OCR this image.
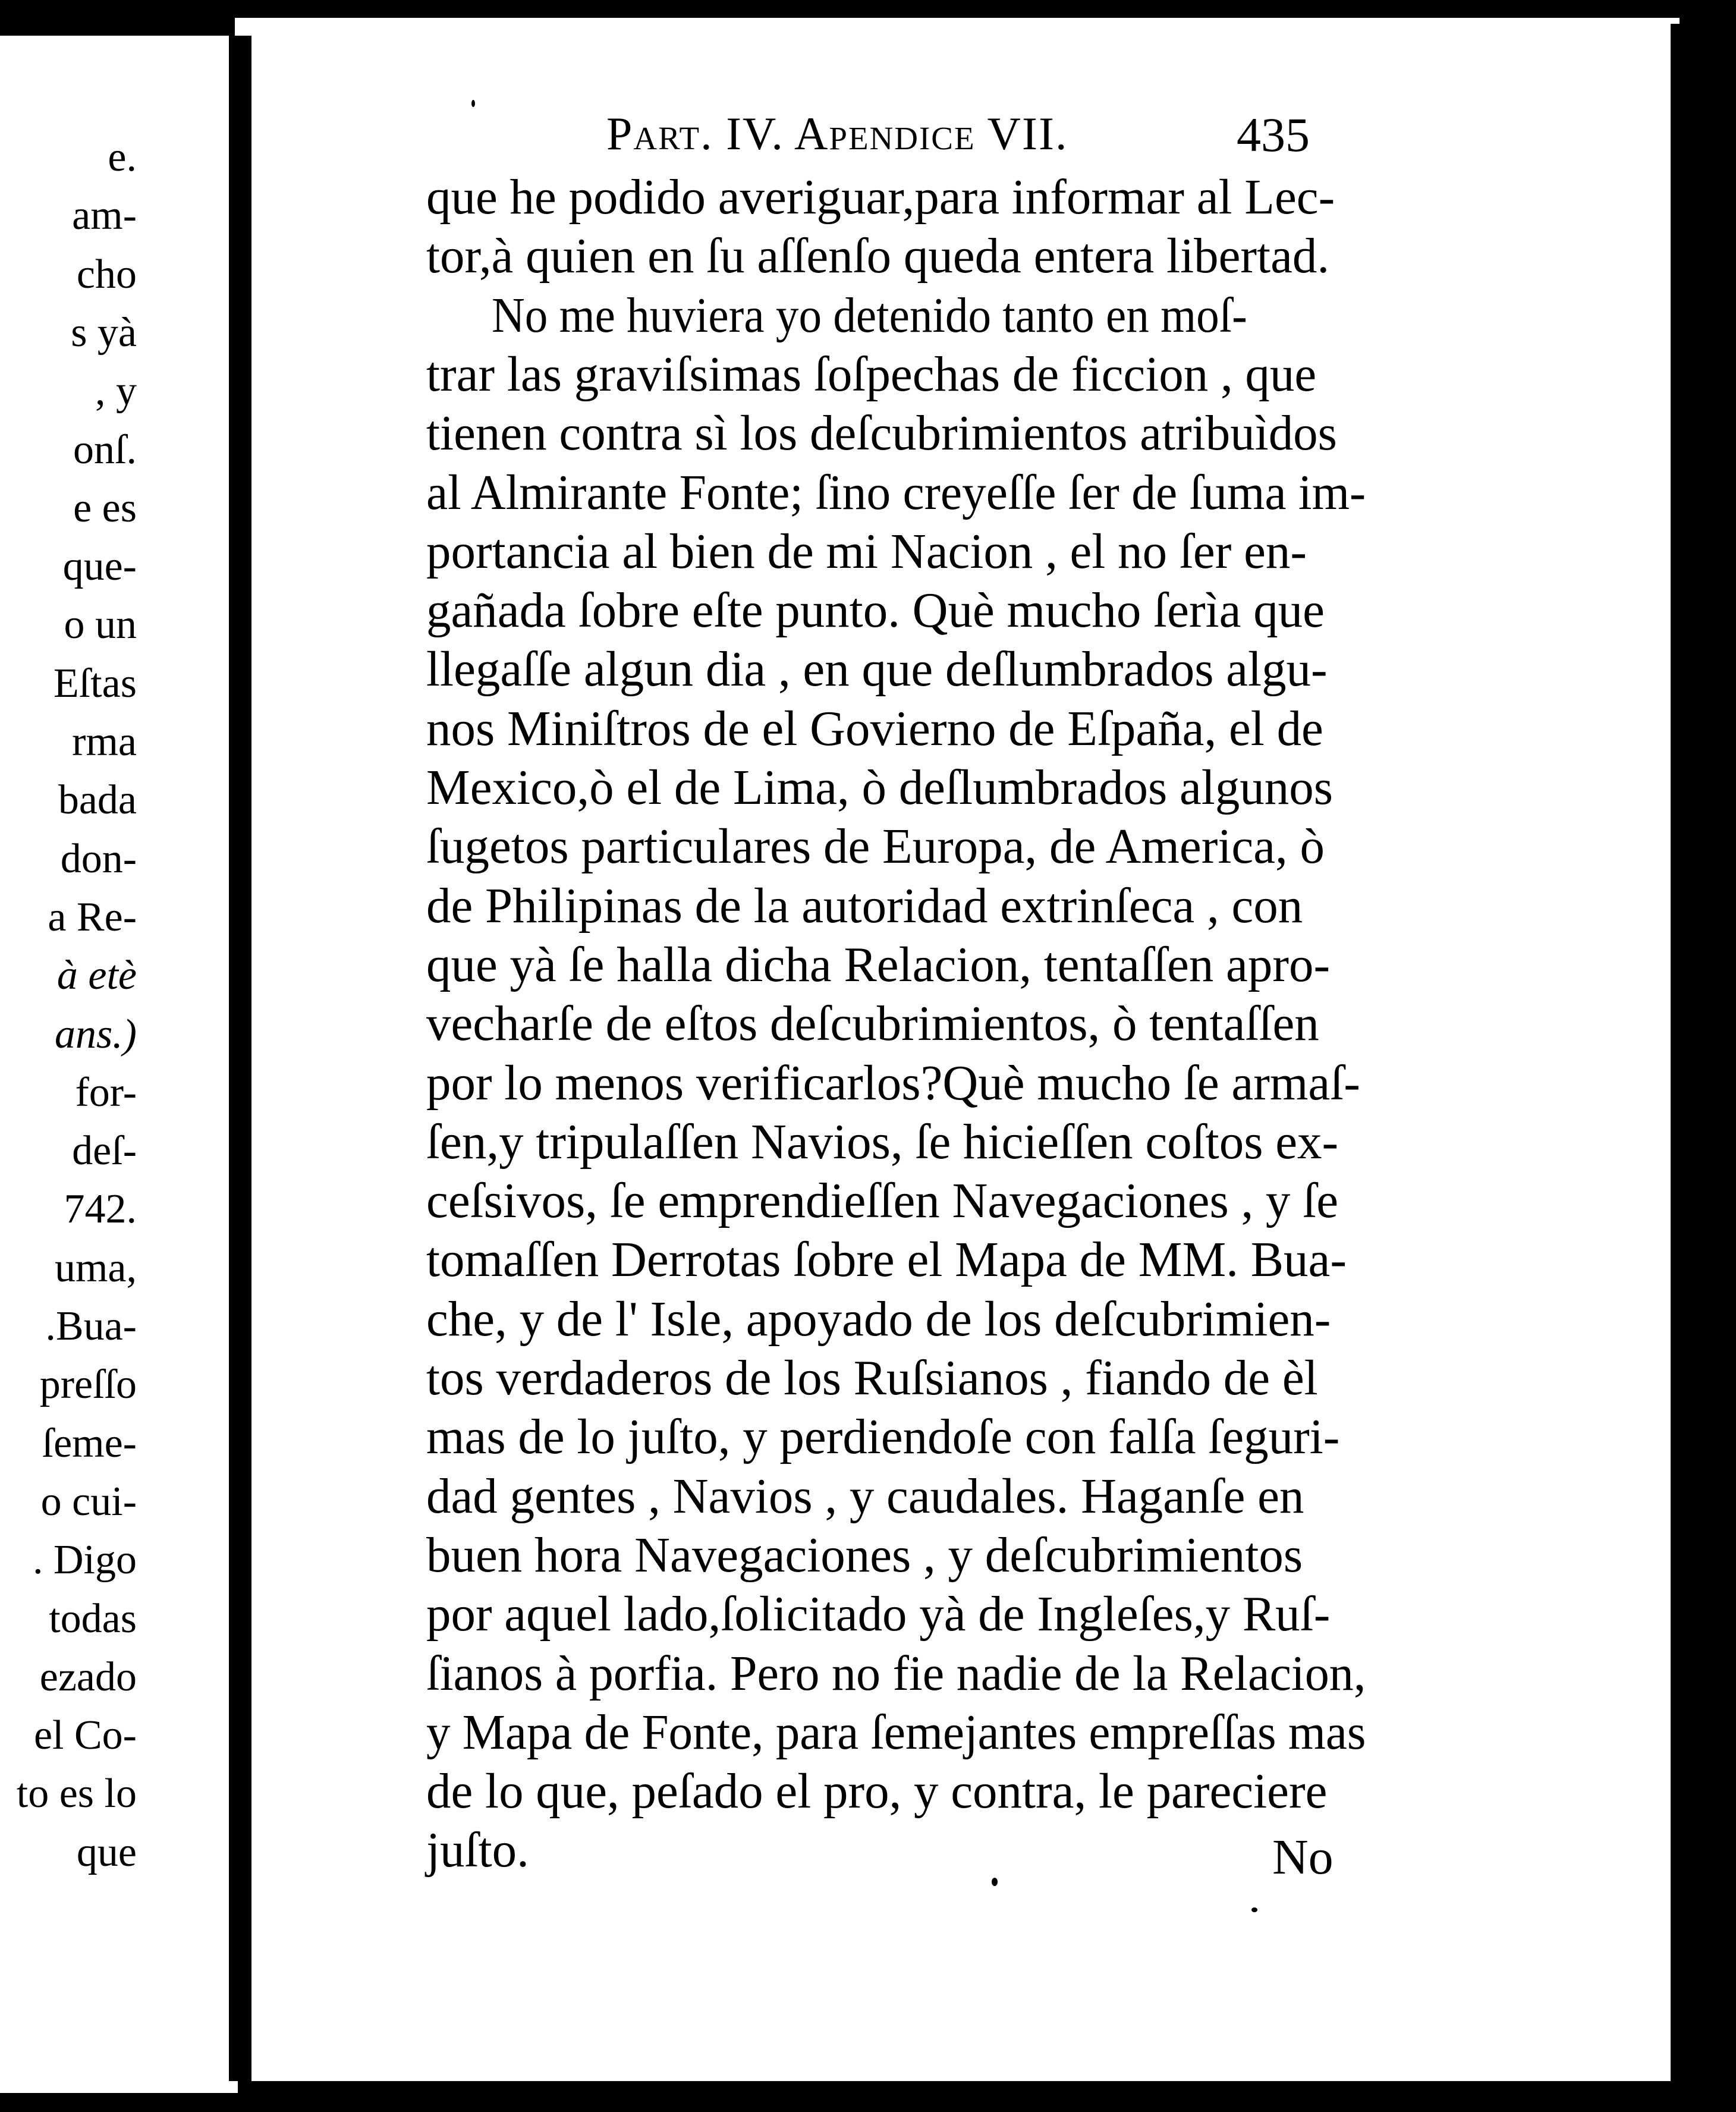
e.
am-
cho
s yà
, y
onſ.
e es
que-
o un
Eſtas
rma
bada
don-
a Re-
à etè
ans.)
for-
deſ-
742.
uma,
.Bua-
preſſo
ſeme-
o cui-
. Digo
todas
ezado
el Co-
to es lo
que
Part. IV. Apendice VII.	435
que he podido averiguar,para informar al Lec-
tor,à quien en ſu aſſenſo queda entera libertad.
No me huviera yo detenido tanto en moſ-
trar las graviſsimas ſoſpechas de ficcion , que
tienen contra sì los deſcubrimientos atribuìdos
al Almirante Fonte; ſino creyeſſe ſer de ſuma im-
portancia al bien de mi Nacion , el no ſer en-
gañada ſobre eſte punto. Què mucho ſerìa que
llegaſſe algun dia , en que deſlumbrados algu-
nos Miniſtros de el Govierno de Eſpaña, el de
Mexico,ò el de Lima, ò deſlumbrados algunos
ſugetos particulares de Europa, de America, ò
de Philipinas de la autoridad extrinſeca , con
que yà ſe halla dicha Relacion, tentaſſen apro-
vecharſe de eſtos deſcubrimientos, ò tentaſſen
por lo menos verificarlos?Què mucho ſe armaſ-
ſen,y tripulaſſen Navios, ſe hicieſſen coſtos ex-
ceſsivos, ſe emprendieſſen Navegaciones , y ſe
tomaſſen Derrotas ſobre el Mapa de MM. Bua-
che, y de l' Isle, apoyado de los deſcubrimien-
tos verdaderos de los Ruſsianos , fiando de èl
mas de lo juſto, y perdiendoſe con falſa ſeguri-
dad gentes , Navios , y caudales. Haganſe en
buen hora Navegaciones , y deſcubrimientos
por aquel lado,ſolicitado yà de Ingleſes,y Ruſ-
ſianos à porfia. Pero no fie nadie de la Relacion,
y Mapa de Fonte, para ſemejantes empreſſas mas
de lo que, peſado el pro, y contra, le pareciere
juſto.	No
